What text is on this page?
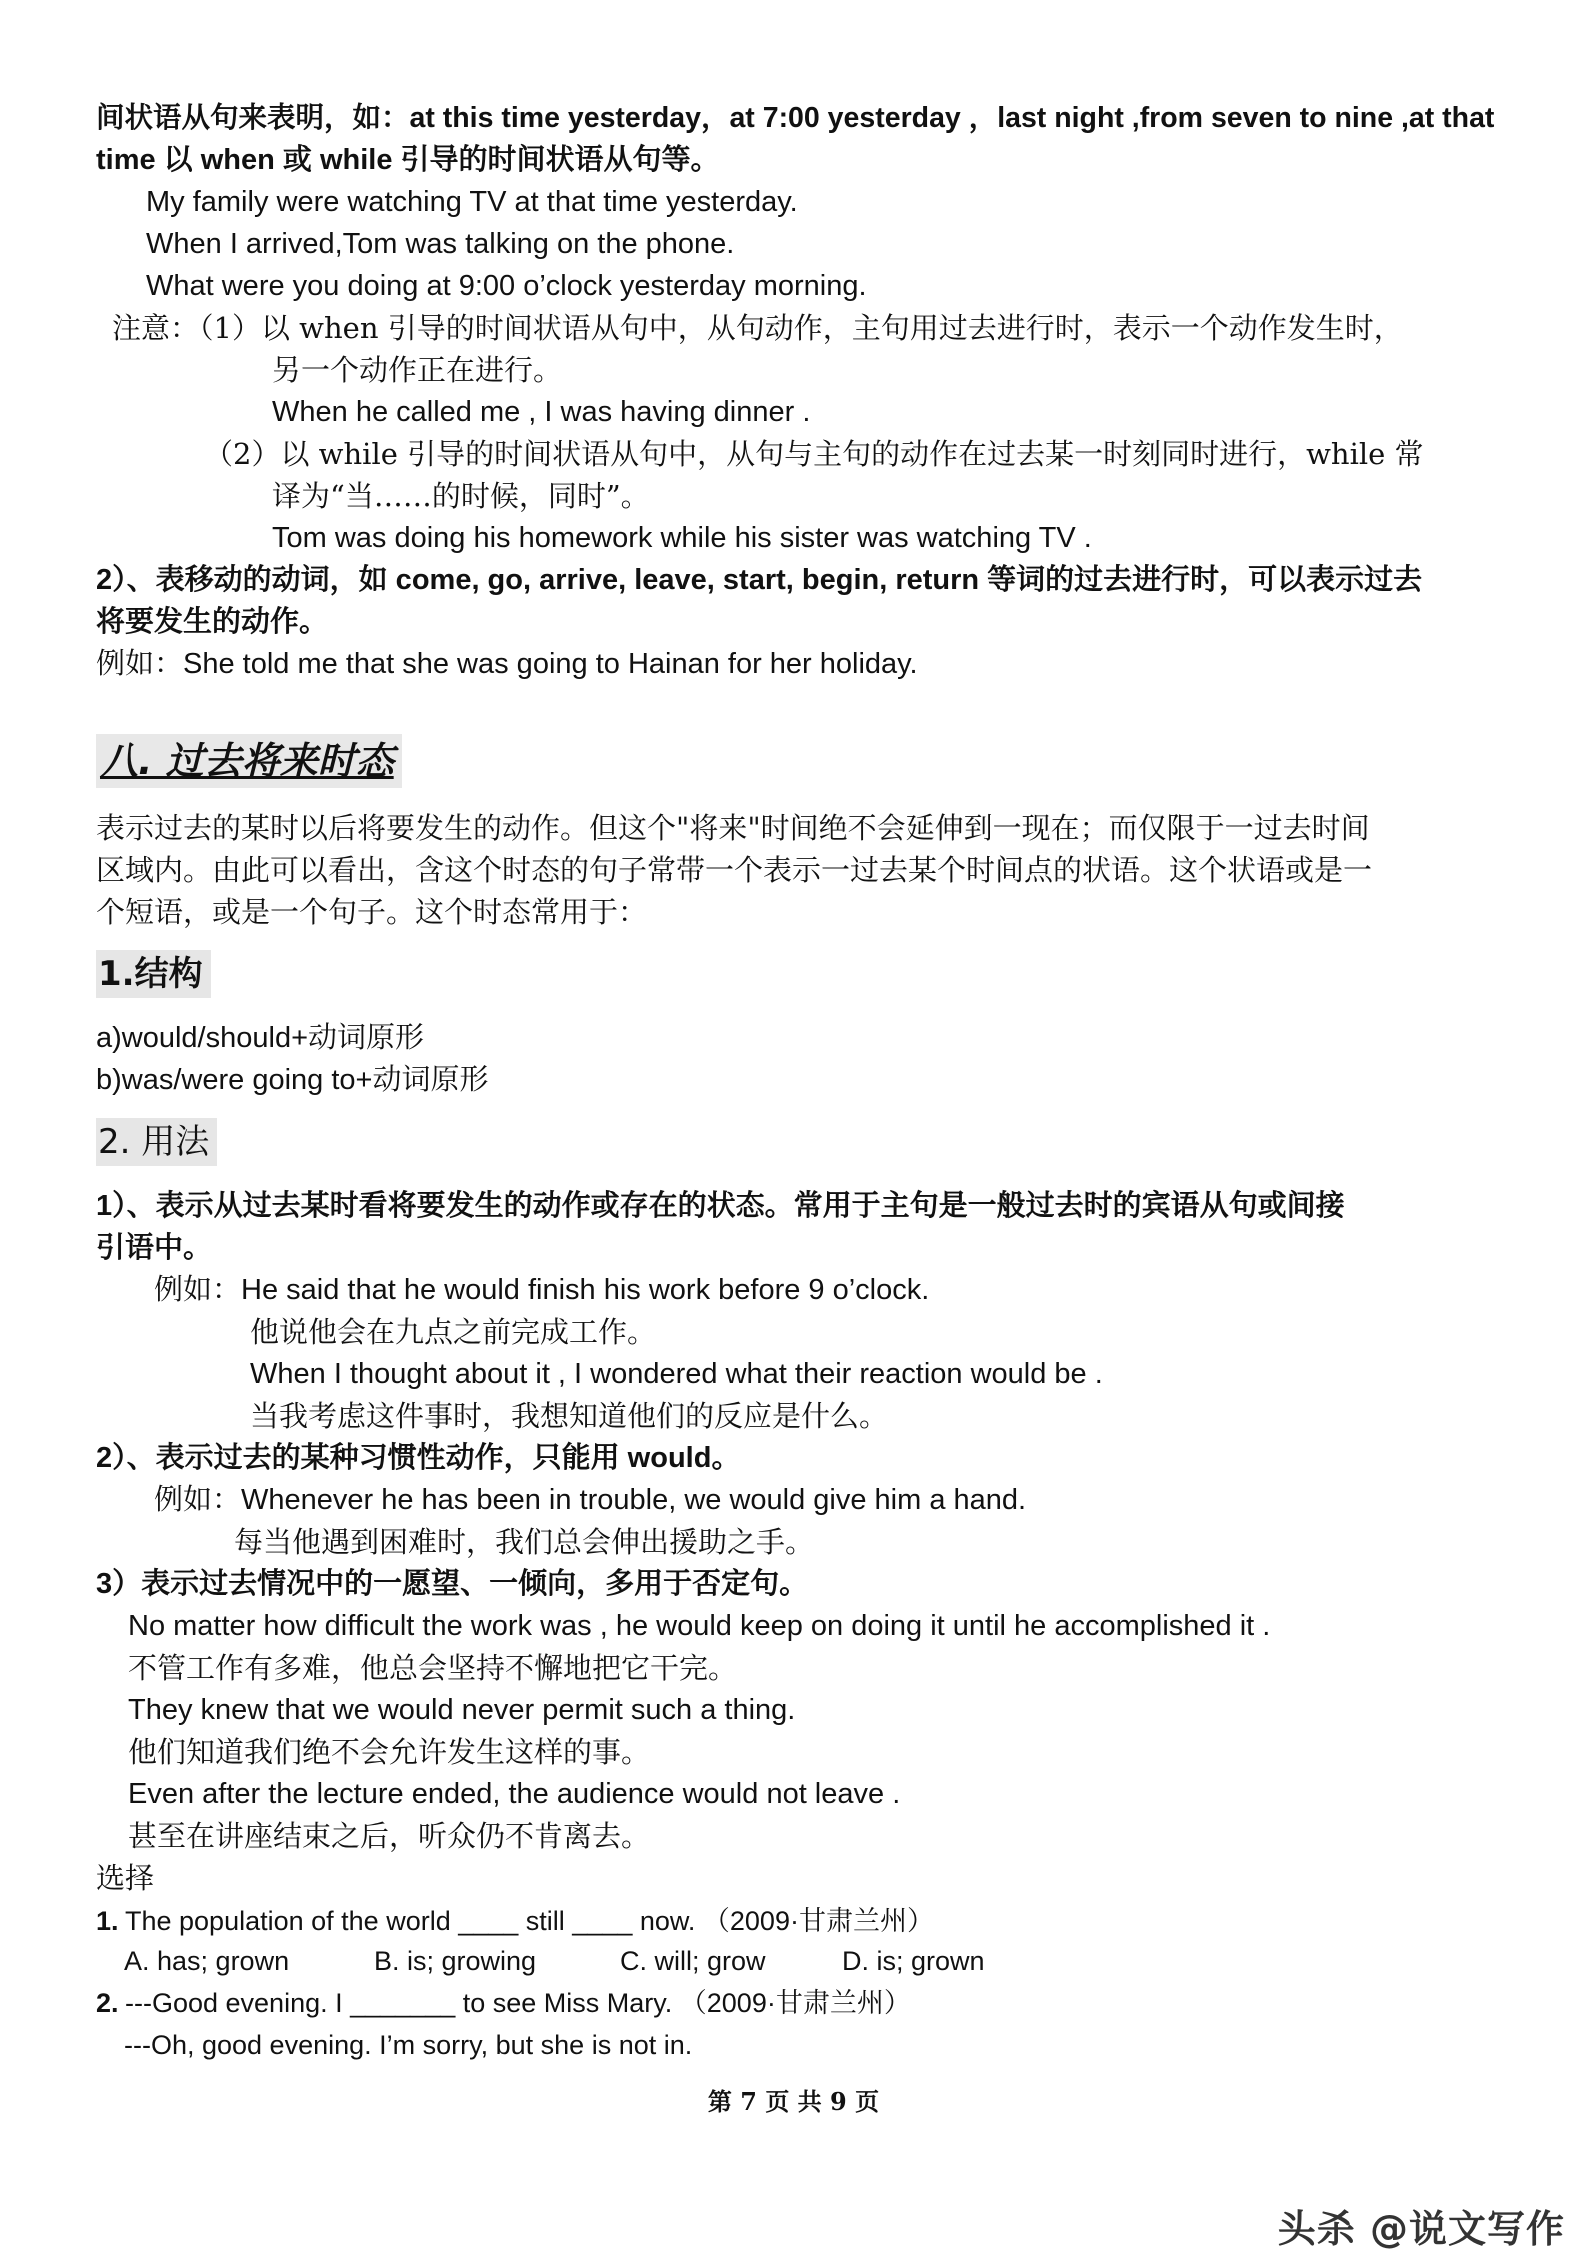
间状语从句来表明，如：at this time yesterday，at 7:00 yesterday ，last night ,from seven to nine ,at that
time 以 when 或 while 引导的时间状语从句等。
My family were watching TV at that time yesterday.
When I arrived,Tom was talking on the phone.
What were you doing at 9:00 o’clock yesterday morning.
注意：（1）以 when 引导的时间状语从句中，从句动作，主句用过去进行时，表示一个动作发生时，
另一个动作正在进行。
When he called me , I was having dinner .
（2）以 while 引导的时间状语从句中，从句与主句的动作在过去某一时刻同时进行，while 常
译为“当……的时候，同时”。
Tom was doing his homework while his sister was watching TV .
2）、表移动的动词，如 come, go, arrive, leave, start, begin, return 等词的过去进行时，可以表示过去
将要发生的动作。
例如：She told me that she was going to Hainan for her holiday.
八. 过去将来时态
表示过去的某时以后将要发生的动作。但这个"将来"时间绝不会延伸到一现在；而仅限于一过去时间
区域内。由此可以看出，含这个时态的句子常带一个表示一过去某个时间点的状语。这个状语或是一
个短语，或是一个句子。这个时态常用于：
1.结构
a)would/should+动词原形
b)was/were going to+动词原形
2. 用法
1）、表示从过去某时看将要发生的动作或存在的状态。常用于主句是一般过去时的宾语从句或间接
引语中。
例如：He said that he would finish his work before 9 o’clock.
他说他会在九点之前完成工作。
When I thought about it , I wondered what their reaction would be .
当我考虑这件事时，我想知道他们的反应是什么。
2）、表示过去的某种习惯性动作，只能用 would。
例如：Whenever he has been in trouble, we would give him a hand.
每当他遇到困难时，我们总会伸出援助之手。
3）表示过去情况中的一愿望、一倾向，多用于否定句。
No matter how difficult the work was , he would keep on doing it until he accomplished it .
不管工作有多难，他总会坚持不懈地把它干完。
They knew that we would never permit such a thing.
他们知道我们绝不会允许发生这样的事。
Even after the lecture ended, the audience would not leave .
甚至在讲座结束之后，听众仍不肯离去。
选择
1. The population of the world ____ still ____ now. （2009·甘肃兰州）
A. has; grown	B. is; growing	C. will; grow	D. is; grown
2. ---Good evening. I _______ to see Miss Mary. （2009·甘肃兰州）
---Oh, good evening. I’m sorry, but she is not in.
第 7 页 共 9 页
头杀 @说文写作
